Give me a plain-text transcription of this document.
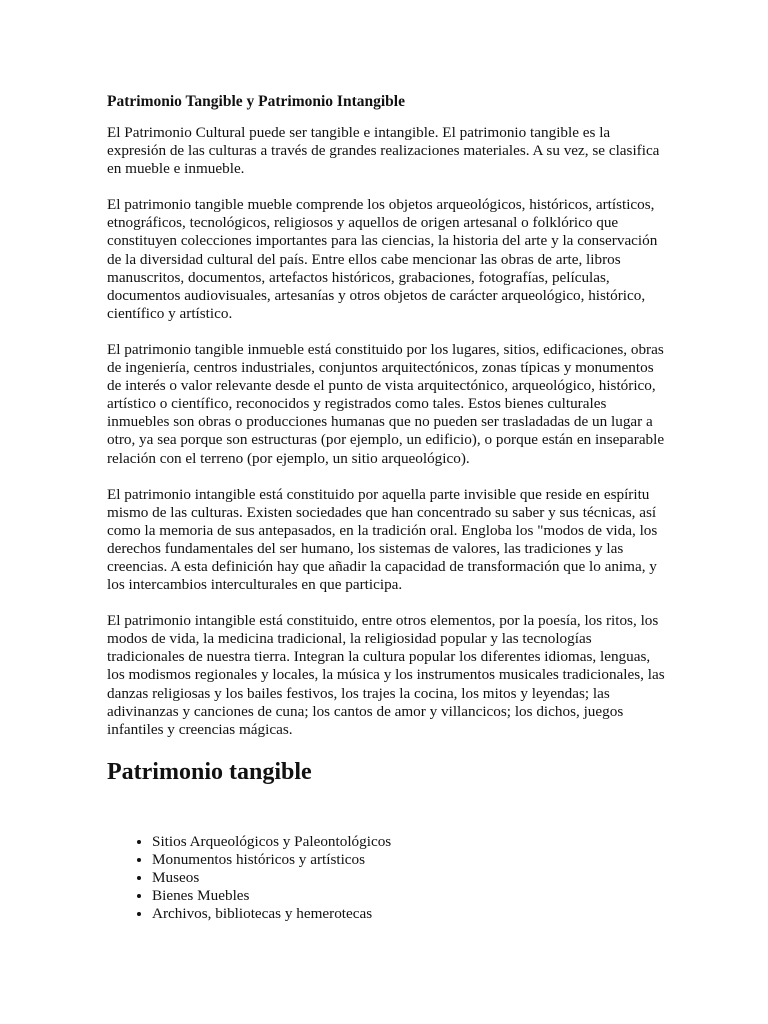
Patrimonio Tangible y Patrimonio Intangible

El Patrimonio Cultural puede ser tangible e intangible. El patrimonio tangible es la expresión de las culturas a través de grandes realizaciones materiales. A su vez, se clasifica en mueble e inmueble.

El patrimonio tangible mueble comprende los objetos arqueológicos, históricos, artísticos, etnográficos, tecnológicos, religiosos y aquellos de origen artesanal o folklórico que constituyen colecciones importantes para las ciencias, la historia del arte y la conservación de la diversidad cultural del país. Entre ellos cabe mencionar las obras de arte, libros manuscritos, documentos, artefactos históricos, grabaciones, fotografías, películas, documentos audiovisuales, artesanías y otros objetos de carácter arqueológico, histórico, científico y artístico.

El patrimonio tangible inmueble está constituido por los lugares, sitios, edificaciones, obras de ingeniería, centros industriales, conjuntos arquitectónicos, zonas típicas y monumentos de interés o valor relevante desde el punto de vista arquitectónico, arqueológico, histórico, artístico o científico, reconocidos y registrados como tales. Estos bienes culturales inmuebles son obras o producciones humanas que no pueden ser trasladadas de un lugar a otro, ya sea porque son estructuras (por ejemplo, un edificio), o porque están en inseparable relación con el terreno (por ejemplo, un sitio arqueológico).

El patrimonio intangible está constituido por aquella parte invisible que reside en espíritu mismo de las culturas. Existen sociedades que han concentrado su saber y sus técnicas, así como la memoria de sus antepasados, en la tradición oral. Engloba los "modos de vida, los derechos fundamentales del ser humano, los sistemas de valores, las tradiciones y las creencias. A esta definición hay que añadir la capacidad de transformación que lo anima, y los intercambios interculturales en que participa.

El patrimonio intangible está constituido, entre otros elementos, por la poesía, los ritos, los modos de vida, la medicina tradicional, la religiosidad popular y las tecnologías tradicionales de nuestra tierra. Integran la cultura popular los diferentes idiomas, lenguas, los modismos regionales y locales, la música y los instrumentos musicales tradicionales, las danzas religiosas y los bailes festivos, los trajes la cocina, los mitos y leyendas; las adivinanzas y canciones de cuna; los cantos de amor y villancicos; los dichos, juegos infantiles y creencias mágicas.

Patrimonio tangible
• Sitios Arqueológicos y Paleontológicos
• Monumentos históricos y artísticos
• Museos
• Bienes Muebles
• Archivos, bibliotecas y hemerotecas
